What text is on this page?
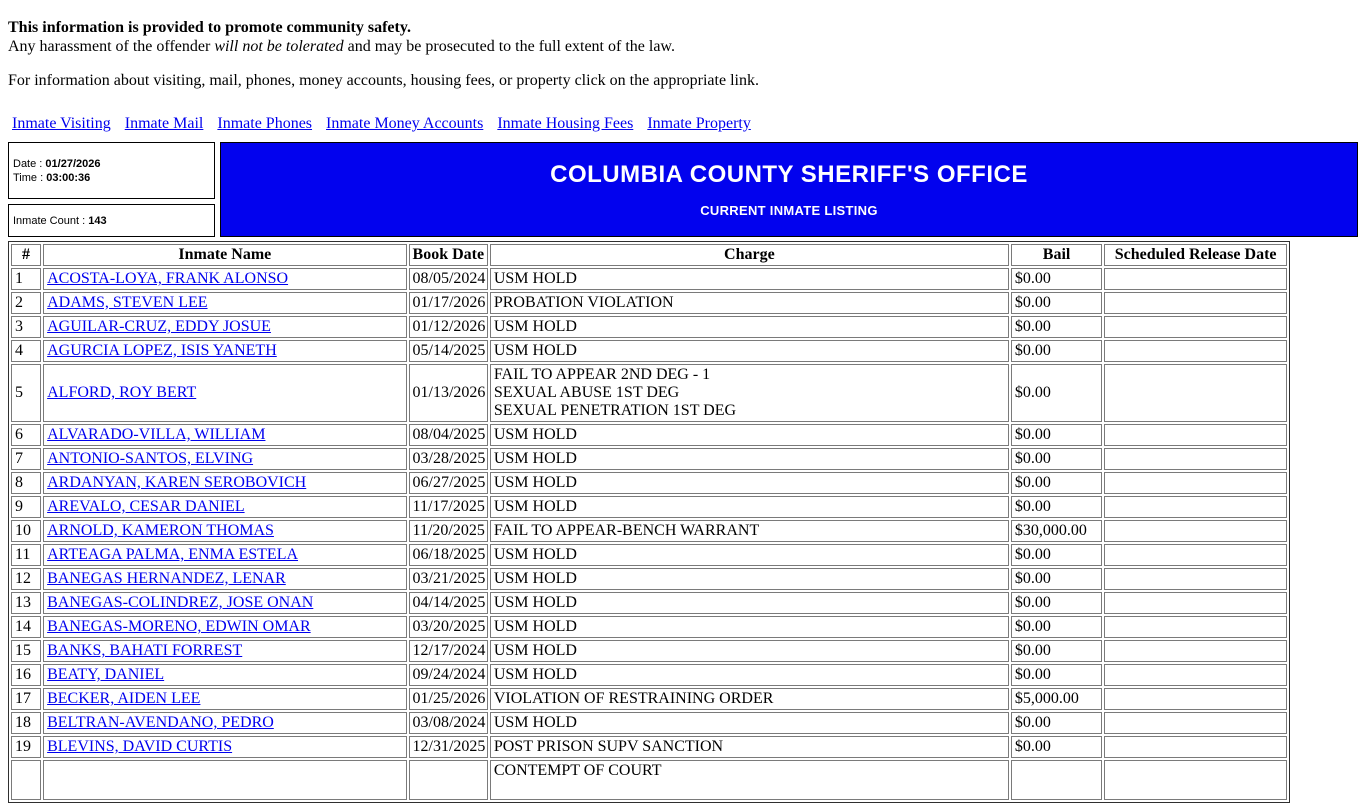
This information is provided to promote community safety.
Any harassment of the offender will not be tolerated and may be prosecuted to the full extent of the law.
For information about visiting, mail, phones, money accounts, housing fees, or property click on the appropriate link.
Inmate Visiting Inmate Mail Inmate Phones Inmate Money Accounts Inmate Housing Fees Inmate Property
Date : 01/27/2026
Time : 03:00:36
Inmate Count : 143
COLUMBIA COUNTY SHERIFF'S OFFICE
CURRENT INMATE LISTING
#	Inmate Name	Book Date	Charge	Bail	Scheduled Release Date
1	ACOSTA-LOYA, FRANK ALONSO	08/05/2024	USM HOLD	$0.00	
2	ADAMS, STEVEN LEE	01/17/2026	PROBATION VIOLATION	$0.00	
3	AGUILAR-CRUZ, EDDY JOSUE	01/12/2026	USM HOLD	$0.00	
4	AGURCIA LOPEZ, ISIS YANETH	05/14/2025	USM HOLD	$0.00	
5	ALFORD, ROY BERT	01/13/2026	FAIL TO APPEAR 2ND DEG - 1
SEXUAL ABUSE 1ST DEG
SEXUAL PENETRATION 1ST DEG	$0.00	
6	ALVARADO-VILLA, WILLIAM	08/04/2025	USM HOLD	$0.00	
7	ANTONIO-SANTOS, ELVING	03/28/2025	USM HOLD	$0.00	
8	ARDANYAN, KAREN SEROBOVICH	06/27/2025	USM HOLD	$0.00	
9	AREVALO, CESAR DANIEL	11/17/2025	USM HOLD	$0.00	
10	ARNOLD, KAMERON THOMAS	11/20/2025	FAIL TO APPEAR-BENCH WARRANT	$30,000.00	
11	ARTEAGA PALMA, ENMA ESTELA	06/18/2025	USM HOLD	$0.00	
12	BANEGAS HERNANDEZ, LENAR	03/21/2025	USM HOLD	$0.00	
13	BANEGAS-COLINDREZ, JOSE ONAN	04/14/2025	USM HOLD	$0.00	
14	BANEGAS-MORENO, EDWIN OMAR	03/20/2025	USM HOLD	$0.00	
15	BANKS, BAHATI FORREST	12/17/2024	USM HOLD	$0.00	
16	BEATY, DANIEL	09/24/2024	USM HOLD	$0.00	
17	BECKER, AIDEN LEE	01/25/2026	VIOLATION OF RESTRAINING ORDER	$5,000.00	
18	BELTRAN-AVENDANO, PEDRO	03/08/2024	USM HOLD	$0.00	
19	BLEVINS, DAVID CURTIS	12/31/2025	POST PRISON SUPV SANCTION	$0.00	

			CONTEMPT OF COURT		
